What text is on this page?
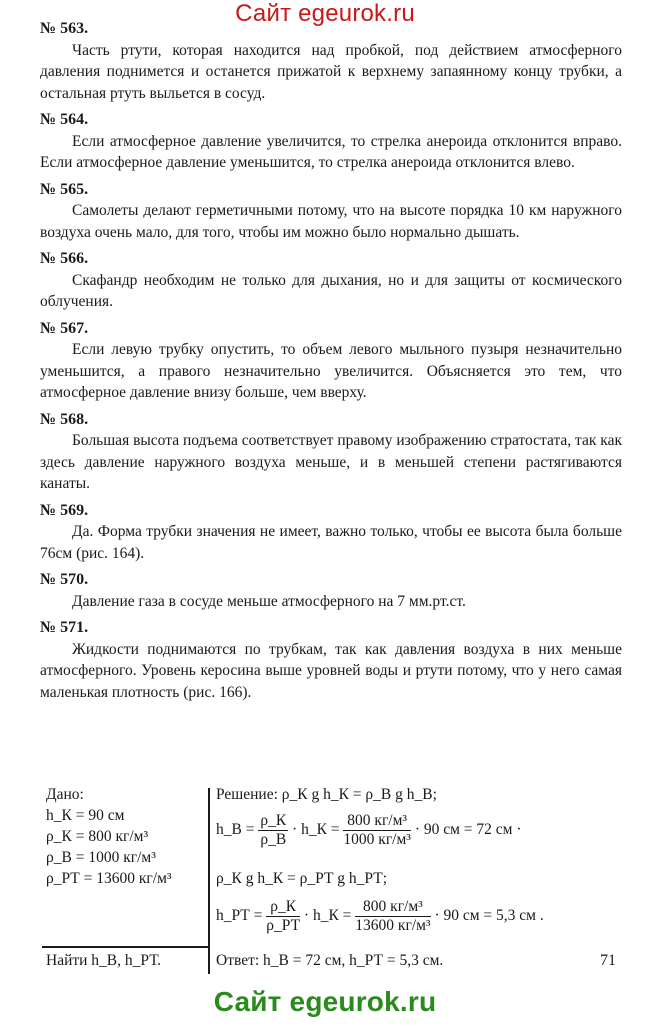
Сайт egeurok.ru
№ 563.

Часть ртути, которая находится над пробкой, под действием атмосферного давления поднимется и останется прижатой к верхнему запаянному концу трубки, а остальная ртуть выльется в сосуд.

№ 564.

Если атмосферное давление увеличится, то стрелка анероида отклонится вправо. Если атмосферное давление уменьшится, то стрелка анероида отклонится влево.

№ 565.

Самолеты делают герметичными потому, что на высоте порядка 10 км наружного воздуха очень мало, для того, чтобы им можно было нормально дышать.

№ 566.

Скафандр необходим не только для дыхания, но и для защиты от космического облучения.

№ 567.

Если левую трубку опустить, то объем левого мыльного пузыря незначительно уменьшится, а правого незначительно увеличится. Объясняется это тем, что атмосферное давление внизу больше, чем вверху.

№ 568.

Большая высота подъема соответствует правому изображению стратостата, так как здесь давление наружного воздуха меньше, и в меньшей степени растягиваются канаты.

№ 569.

Да. Форма трубки значения не имеет, важно только, чтобы ее высота была больше 76см (рис. 164).

№ 570.

Давление газа в сосуде меньше атмосферного на 7 мм.рт.ст.

№ 571.

Жидкости поднимаются по трубкам, так как давления воздуха в них меньше атмосферного. Уровень керосина выше уровней воды и ртути потому, что у него самая маленькая плотность (рис. 166).

Дано:
h_К = 90 см
ρ_К = 800 кг/м³
ρ_В = 1000 кг/м³
ρ_РТ = 13600 кг/м³
Найти h_В, h_РТ.
Решение: ρ_К g h_К = ρ_В g h_В;
h_В = $\frac{\rho\_К}{\rho\_В}$ · h_К = $\frac{\text{800 кг/м³}}{\text{1000 кг/м³}} \cdot 90$ см = 72 см ·
ρ_К g h_К = ρ_РТ g h_РТ;
h_РТ = $\frac{\rho\_К}{\rho\_РТ}$ · h_К = $\frac{\text{800 кг/м³}}{\text{13600 кг/м³}} \cdot 90$ см = 5,3 см .
Ответ: h_В = 72 см, h_РТ = 5,3 см.	71
Сайт egeurok.ru
